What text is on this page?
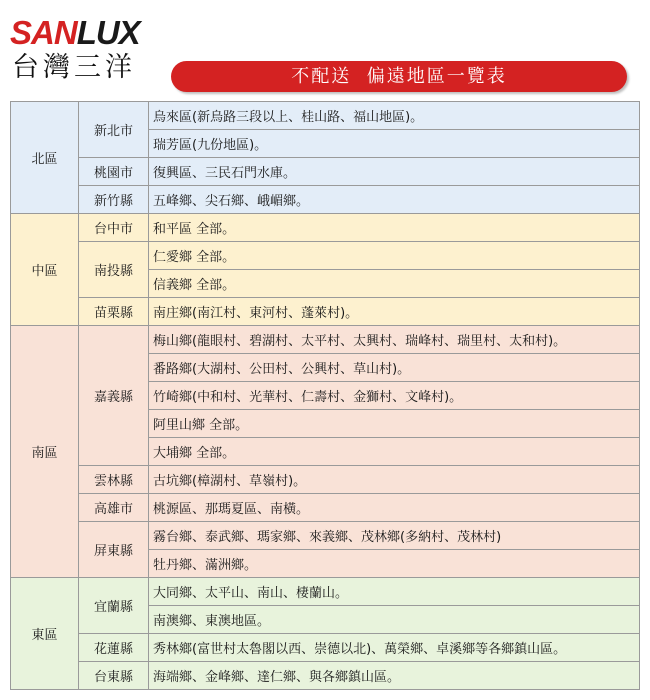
SANLUX
台灣三洋	不配送  偏遠地區一覽表
北區	新北市	烏來區(新烏路三段以上、桂山路、福山地區)。
		瑞芳區(九份地區)。
	桃園市	復興區、三民石門水庫。
	新竹縣	五峰鄉、尖石鄉、峨嵋鄉。
中區	台中市	和平區 全部。
	南投縣	仁愛鄉 全部。
		信義鄉 全部。
	苗栗縣	南庄鄉(南江村、東河村、蓬萊村)。
南區	嘉義縣	梅山鄉(龍眼村、碧湖村、太平村、太興村、瑞峰村、瑞里村、太和村)。
		番路鄉(大湖村、公田村、公興村、草山村)。
		竹崎鄉(中和村、光華村、仁壽村、金獅村、文峰村)。
		阿里山鄉 全部。
		大埔鄉 全部。
	雲林縣	古坑鄉(樟湖村、草嶺村)。
	高雄市	桃源區、那瑪夏區、南橫。
	屏東縣	霧台鄉、泰武鄉、瑪家鄉、來義鄉、茂林鄉(多納村、茂林村)
		牡丹鄉、滿洲鄉。
東區	宜蘭縣	大同鄉、太平山、南山、棲蘭山。
		南澳鄉、東澳地區。
	花蓮縣	秀林鄉(富世村太魯閣以西、崇德以北)、萬榮鄉、卓溪鄉等各鄉鎮山區。
	台東縣	海端鄉、金峰鄉、達仁鄉、與各鄉鎮山區。
